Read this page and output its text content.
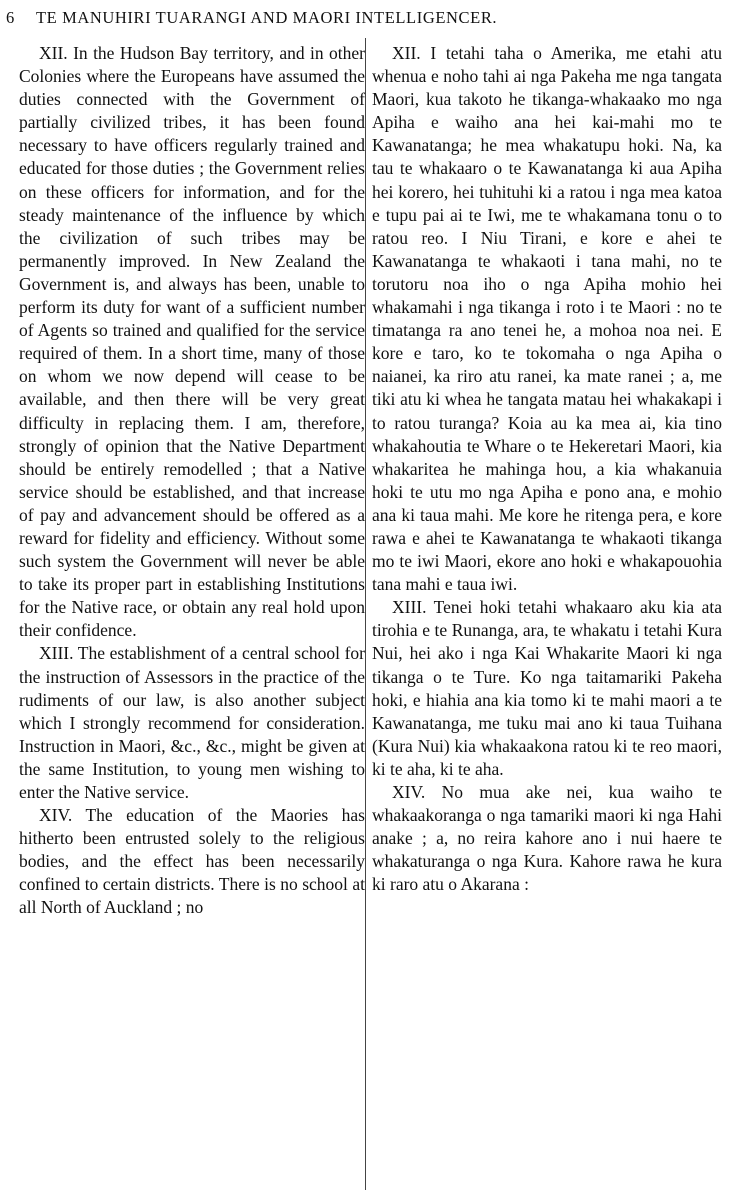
6 TE MANUHIRI TUARANGI AND MAORI INTELLIGENCER.

XII. In the Hudson Bay territory, and in other Colonies where the Europeans have assumed the duties connected with the Government of partially civilized tribes, it has been found necessary to have officers regularly trained and educated for those duties ; the Government relies on these officers for information, and for the steady maintenance of the influence by which the civilization of such tribes may be permanently improved. In New Zealand the Government is, and always has been, unable to perform its duty for want of a sufficient number of Agents so trained and qualified for the service required of them. In a short time, many of those on whom we now depend will cease to be available, and then there will be very great difficulty in replacing them. I am, therefore, strongly of opinion that the Native Department should be entirely remodelled ; that a Native service should be established, and that increase of pay and advancement should be offered as a reward for fidelity and efficiency. Without some such system the Government will never be able to take its proper part in establishing Institutions for the Native race, or obtain any real hold upon their confidence.

XIII. The establishment of a central school for the instruction of Assessors in the practice of the rudiments of our law, is also another subject which I strongly recommend for consideration. Instruction in Maori, &c., &c., might be given at the same Institution, to young men wishing to enter the Native service.

XIV. The education of the Maories has hitherto been entrusted solely to the religious bodies, and the effect has been necessarily confined to certain districts. There is no school at all North of Auckland ; no

XII. I tetahi taha o Amerika, me etahi atu whenua e noho tahi ai nga Pakeha me nga tangata Maori, kua takoto he tikanga-whakaako mo nga Apiha e waiho ana hei kai-mahi mo te Kawanatanga; he mea whakatupu hoki. Na, ka tau te whakaaro o te Kawanatanga ki aua Apiha hei korero, hei tuhituhi ki a ratou i nga mea katoa e tupu pai ai te Iwi, me te whakamana tonu o to ratou reo. I Niu Tirani, e kore e ahei te Kawanatanga te whakaoti i tana mahi, no te torutoru noa iho o nga Apiha mohio hei whakamahi i nga tikanga i roto i te Maori : no te timatanga ra ano tenei he, a mohoa noa nei. E kore e taro, ko te tokomaha o nga Apiha o naianei, ka riro atu ranei, ka mate ranei ; a, me tiki atu ki whea he tangata matau hei whakakapi i to ratou turanga? Koia au ka mea ai, kia tino whakahoutia te Whare o te Hekeretari Maori, kia whakaritea he mahinga hou, a kia whakanuia hoki te utu mo nga Apiha e pono ana, e mohio ana ki taua mahi. Me kore he ritenga pera, e kore rawa e ahei te Kawanatanga te whakaoti tikanga mo te iwi Maori, ekore ano hoki e whakapouohia tana mahi e taua iwi.

XIII. Tenei hoki tetahi whakaaro aku kia ata tirohia e te Runanga, ara, te whakatu i tetahi Kura Nui, hei ako i nga Kai Whakarite Maori ki nga tikanga o te Ture. Ko nga taitamariki Pakeha hoki, e hiahia ana kia tomo ki te mahi maori a te Kawanatanga, me tuku mai ano ki taua Tuihana (Kura Nui) kia whakaakona ratou ki te reo maori, ki te aha, ki te aha.

XIV. No mua ake nei, kua waiho te whakaakoranga o nga tamariki maori ki nga Hahi anake ; a, no reira kahore ano i nui haere te whakaturanga o nga Kura. Kahore rawa he kura ki raro atu o Akarana :
